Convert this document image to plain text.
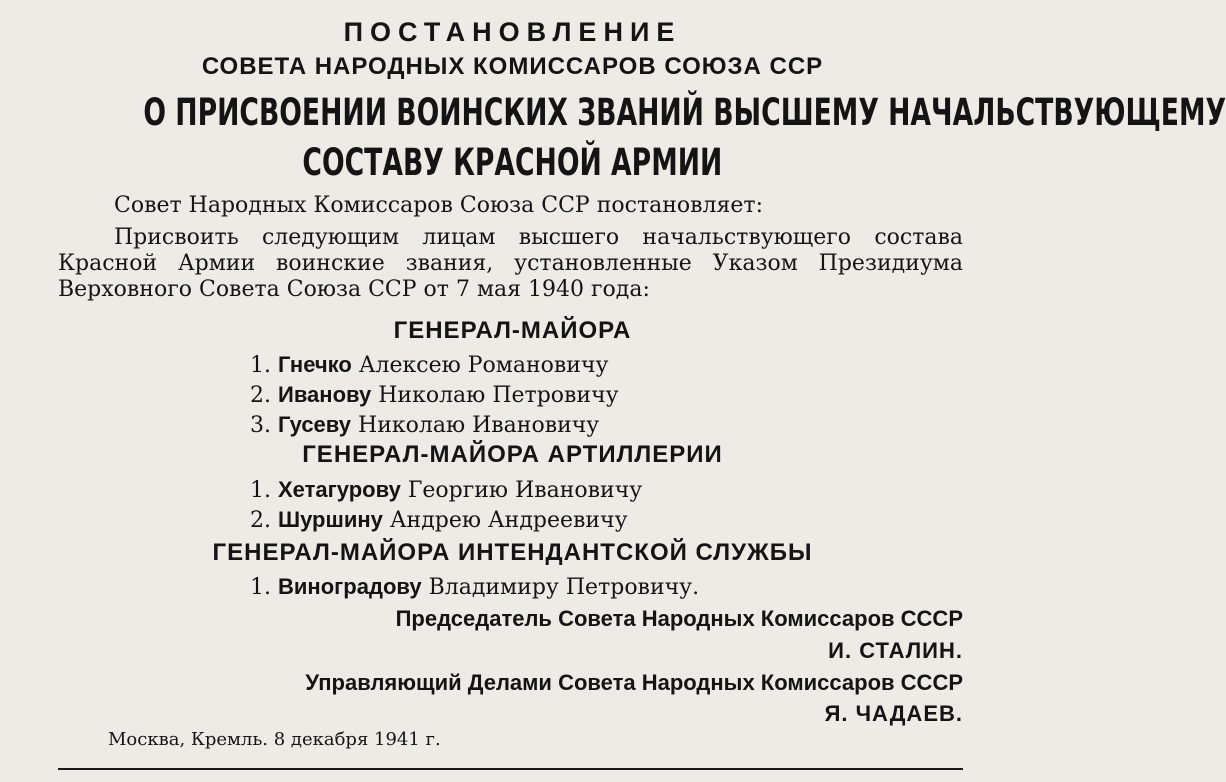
ПОСТАНОВЛЕНИЕ
СОВЕТА НАРОДНЫХ КОМИССАРОВ СОЮЗА ССР
О ПРИСВОЕНИИ ВОИНСКИХ ЗВАНИЙ ВЫСШЕМУ НАЧАЛЬСТВУЮЩЕМУ
СОСТАВУ КРАСНОЙ АРМИИ
Совет Народных Комиссаров Союза ССР постановляет:
Присвоить следующим лицам высшего начальствующего состава
Красной Армии воинские звания, установленные Указом Президиума
Верховного Совета Союза ССР от 7 мая 1940 года:
ГЕНЕРАЛ-МАЙОРА
1. Гнечко Алексею Романовичу
2. Иванову Николаю Петровичу
3. Гусеву Николаю Ивановичу
ГЕНЕРАЛ-МАЙОРА АРТИЛЛЕРИИ
1. Хетагурову Георгию Ивановичу
2. Шуршину Андрею Андреевичу
ГЕНЕРАЛ-МАЙОРА ИНТЕНДАНТСКОЙ СЛУЖБЫ
1. Виноградову Владимиру Петровичу.
Председатель Совета Народных Комиссаров СССР
И. СТАЛИН.
Управляющий Делами Совета Народных Комиссаров СССР
Я. ЧАДАЕВ.
Москва, Кремль. 8 декабря 1941 г.
